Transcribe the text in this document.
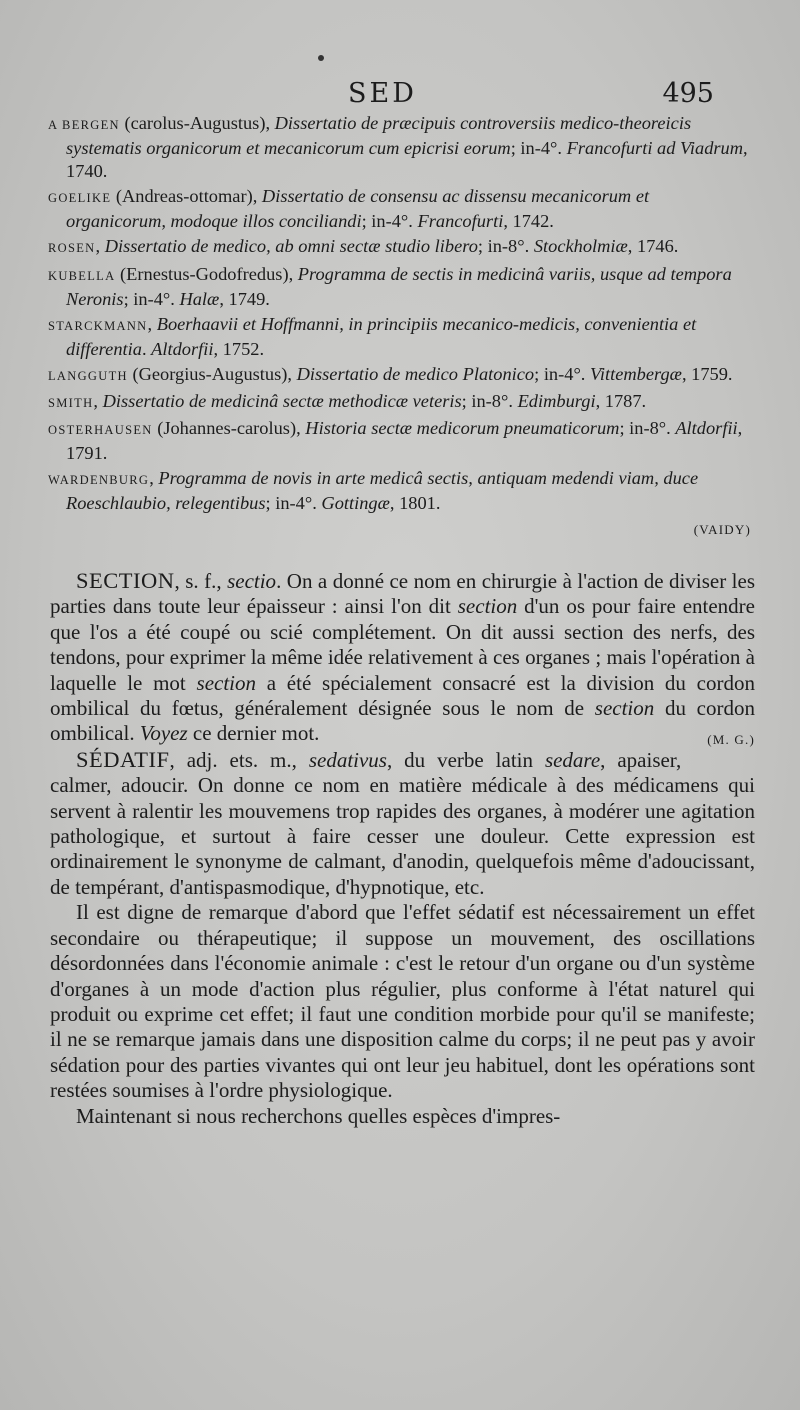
SED	495
A BERGEN (carolus-Augustus), Dissertatio de præcipuis controversiis medico-theoreicis systematis organicorum et mecanicorum cum epicrisi eorum; in-4°. Francofurti ad Viadrum, 1740.
GOELIKE (Andreas-ottomar), Dissertatio de consensu ac dissensu mecanicorum et organicorum, modoque illos conciliandi; in-4°. Francofurti, 1742.
ROSEN, Dissertatio de medico, ab omni sectæ studio libero; in-8°. Stockholmiæ, 1746.
KUBELLA (Ernestus-Godofredus), Programma de sectis in medicinâ variis, usque ad tempora Neronis; in-4°. Halæ, 1749.
STARCKMANN, Boerhaavii et Hoffmanni, in principiis mecanico-medicis, convenientia et differentia. Altdorfii, 1752.
LANGGUTH (Georgius-Augustus), Dissertatio de medico Platonico; in-4°. Vittembergæ, 1759.
SMITH, Dissertatio de medicinâ sectæ methodicæ veteris; in-8°. Edimburgi, 1787.
OSTERHAUSEN (Johannes-carolus), Historia sectæ medicorum pneumaticorum; in-8°. Altdorfii, 1791.
WARDENBURG, Programma de novis in arte medicâ sectis, antiquam medendi viam, duce Roeschlaubio, relegentibus; in-4°. Gottingæ, 1801.
(VAIDY)

SECTION, s. f., sectio. On a donné ce nom en chirurgie à l'action de diviser les parties dans toute leur épaisseur : ainsi l'on dit section d'un os pour faire entendre que l'os a été coupé ou scié complétement. On dit aussi section des nerfs, des tendons, pour exprimer la même idée relativement à ces organes ; mais l'opération à laquelle le mot section a été spécialement consacré est la division du cordon ombilical du fœtus, généralement désignée sous le nom de section du cordon ombilical. Voyez ce dernier mot.	(M. G.)

SÉDATIF, adj. ets. m., sedativus, du verbe latin sedare, apaiser, calmer, adoucir. On donne ce nom en matière médicale à des médicamens qui servent à ralentir les mouvemens trop rapides des organes, à modérer une agitation pathologique, et surtout à faire cesser une douleur. Cette expression est ordinairement le synonyme de calmant, d'anodin, quelquefois même d'adoucissant, de tempérant, d'antispasmodique, d'hypnotique, etc.

Il est digne de remarque d'abord que l'effet sédatif est nécessairement un effet secondaire ou thérapeutique; il suppose un mouvement, des oscillations désordonnées dans l'économie animale : c'est le retour d'un organe ou d'un système d'organes à un mode d'action plus régulier, plus conforme à l'état naturel qui produit ou exprime cet effet; il faut une condition morbide pour qu'il se manifeste; il ne se remarque jamais dans une disposition calme du corps; il ne peut pas y avoir sédation pour des parties vivantes qui ont leur jeu habituel, dont les opérations sont restées soumises à l'ordre physiologique.

Maintenant si nous recherchons quelles espèces d'impres-
